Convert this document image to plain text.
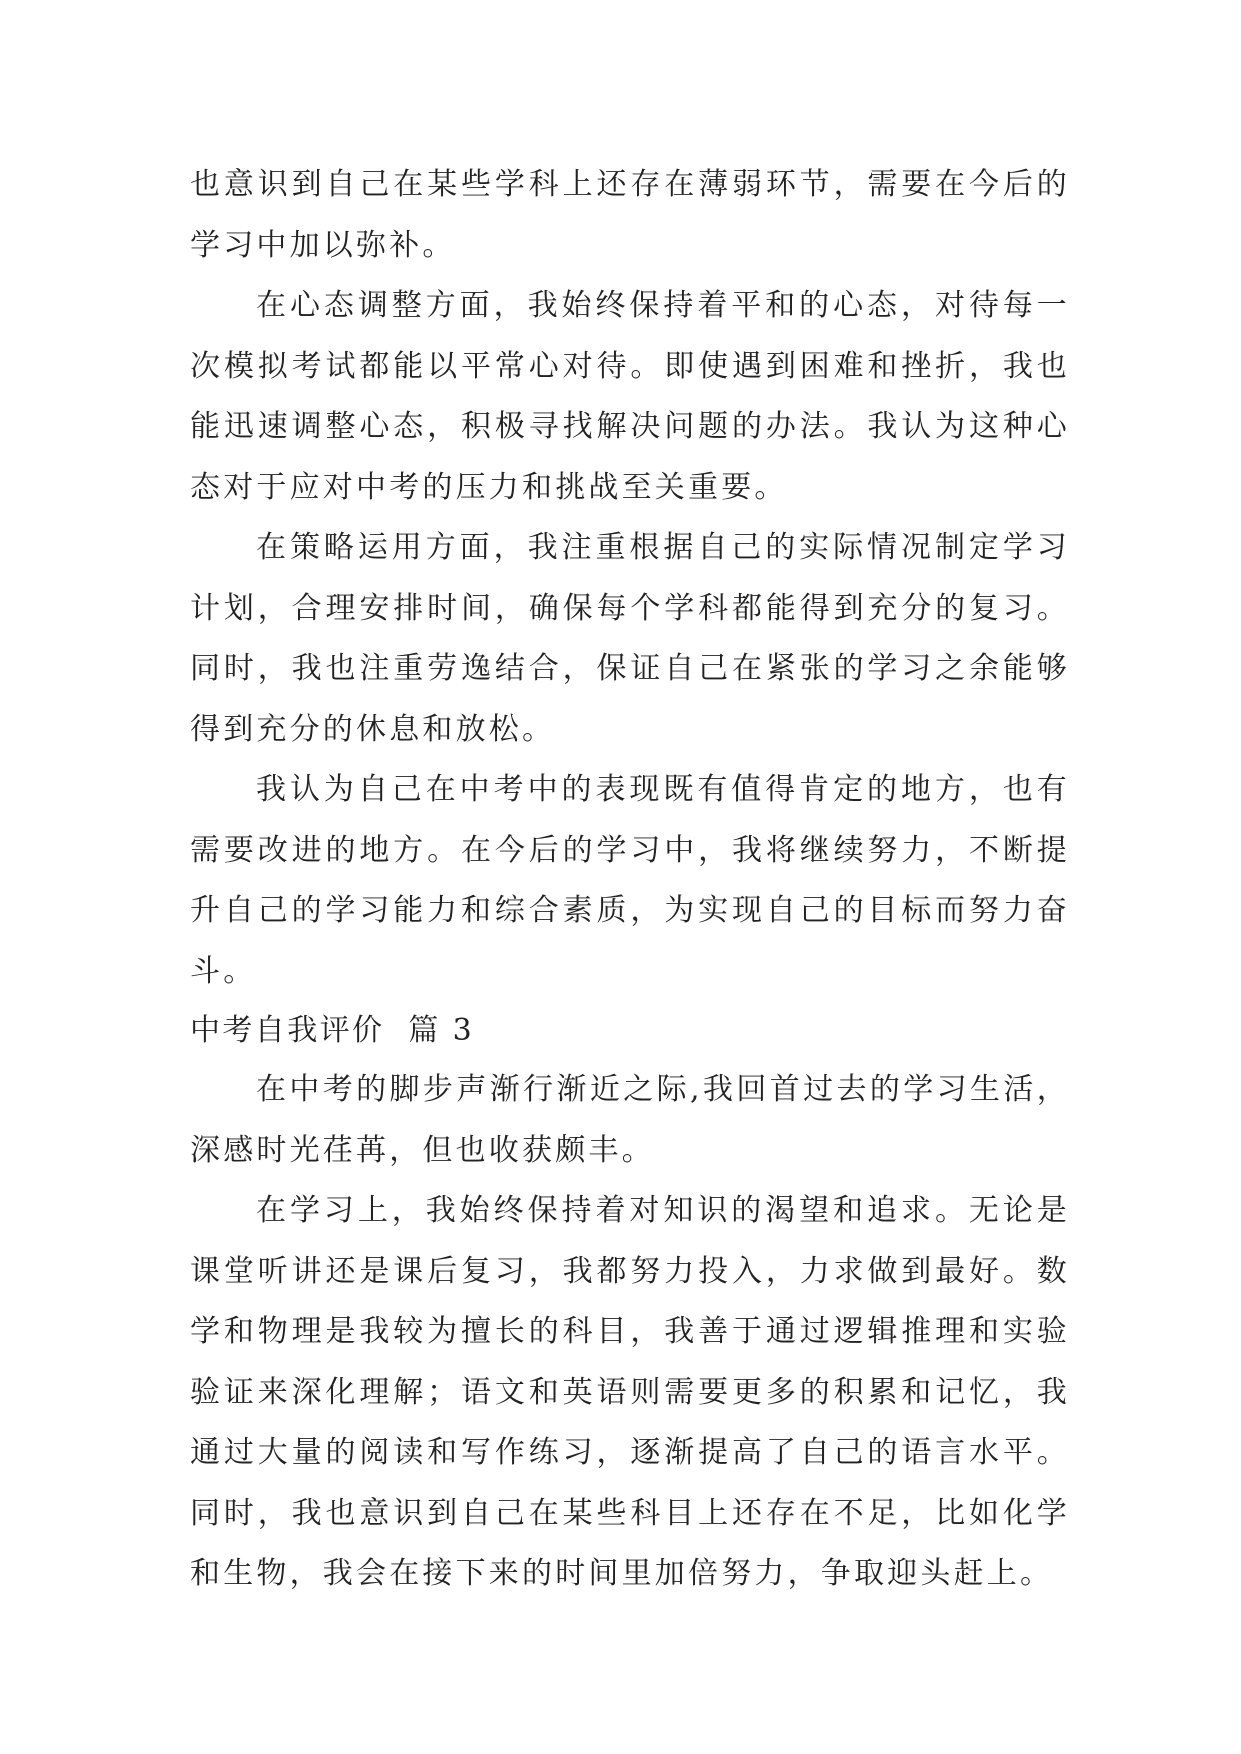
也意识到自己在某些学科上还存在薄弱环节，需要在今后的学习中加以弥补。

在心态调整方面，我始终保持着平和的心态，对待每一次模拟考试都能以平常心对待。即使遇到困难和挫折，我也能迅速调整心态，积极寻找解决问题的办法。我认为这种心态对于应对中考的压力和挑战至关重要。

在策略运用方面，我注重根据自己的实际情况制定学习计划，合理安排时间，确保每个学科都能得到充分的复习。同时，我也注重劳逸结合，保证自己在紧张的学习之余能够得到充分的休息和放松。

我认为自己在中考中的表现既有值得肯定的地方，也有需要改进的地方。在今后的学习中，我将继续努力，不断提升自己的学习能力和综合素质，为实现自己的目标而努力奋斗。

中考自我评价  篇 3

在中考的脚步声渐行渐近之际,我回首过去的学习生活，深感时光荏苒，但也收获颇丰。

在学习上，我始终保持着对知识的渴望和追求。无论是课堂听讲还是课后复习，我都努力投入，力求做到最好。数学和物理是我较为擅长的科目，我善于通过逻辑推理和实验验证来深化理解；语文和英语则需要更多的积累和记忆，我通过大量的阅读和写作练习，逐渐提高了自己的语言水平。同时，我也意识到自己在某些科目上还存在不足，比如化学和生物，我会在接下来的时间里加倍努力，争取迎头赶上。
